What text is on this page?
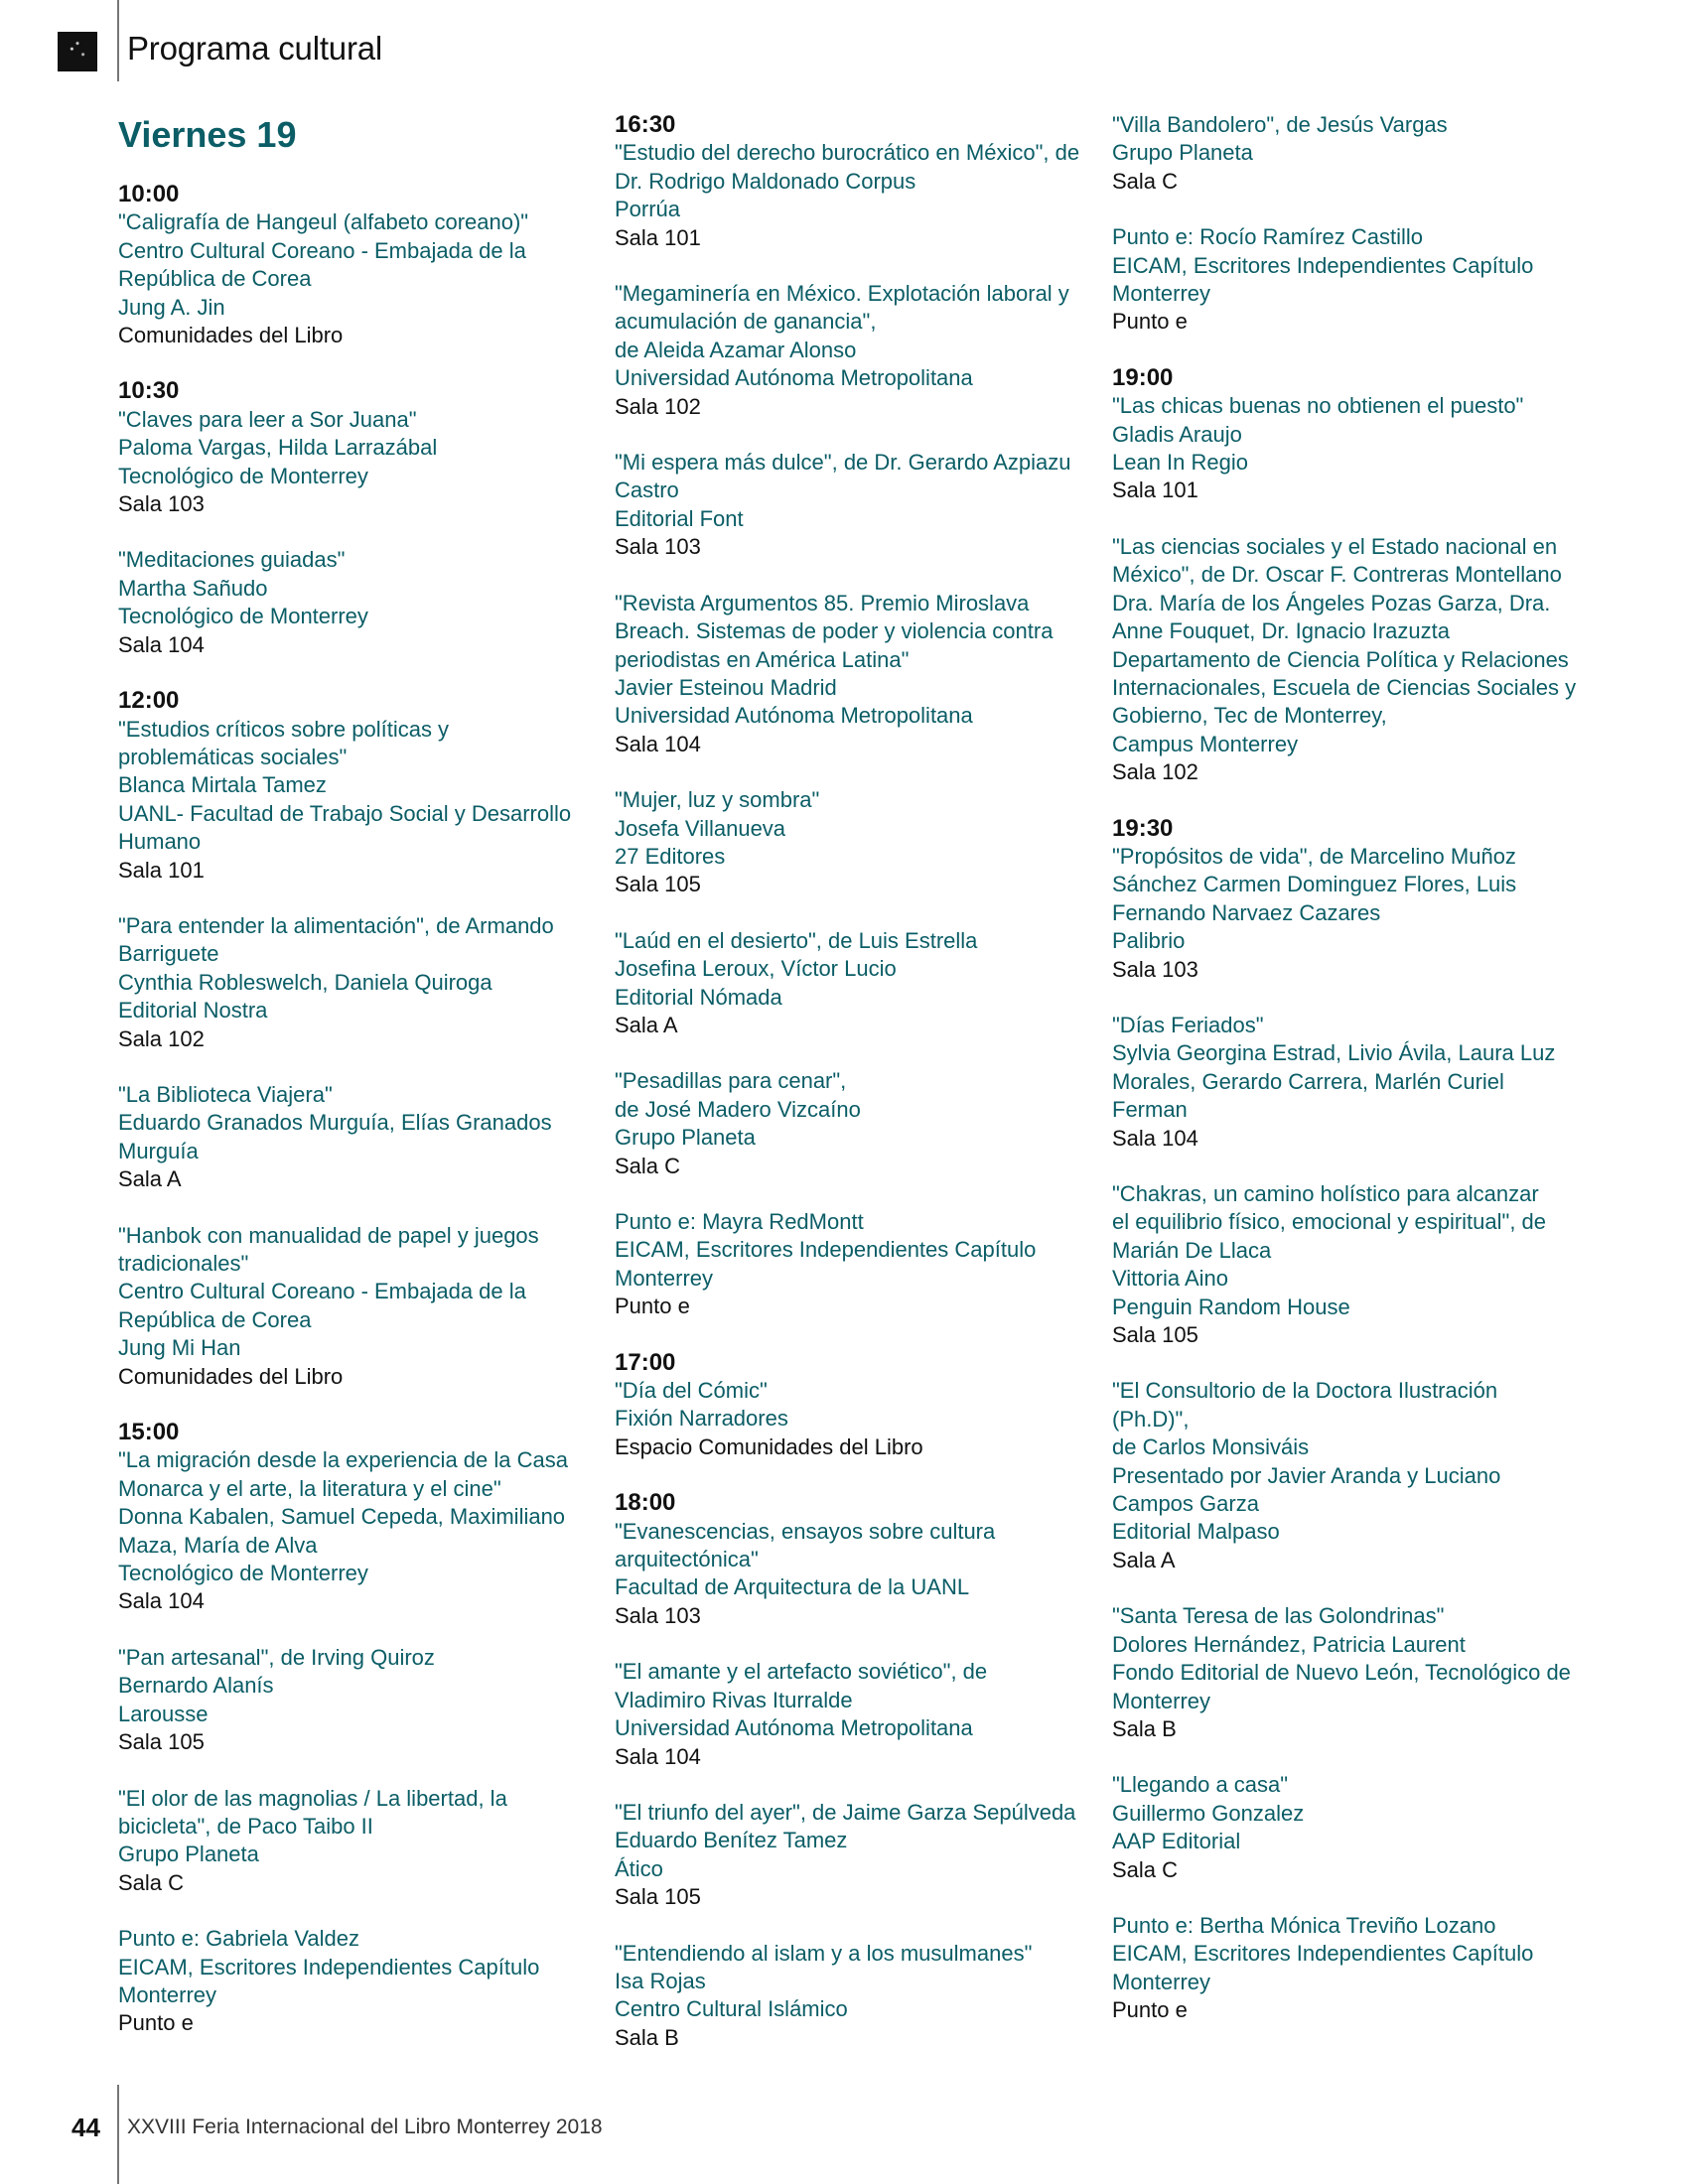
Programa cultural
Viernes 19
10:00
"Caligrafía de Hangeul (alfabeto coreano)"
Centro Cultural Coreano - Embajada de la
República de Corea
Jung A. Jin
Comunidades del Libro
10:30
"Claves para leer a Sor Juana"
Paloma Vargas, Hilda Larrazábal
Tecnológico de Monterrey
Sala 103
"Meditaciones guiadas"
Martha Sañudo
Tecnológico de Monterrey
Sala 104
12:00
"Estudios críticos sobre políticas y
problemáticas sociales"
Blanca Mirtala Tamez
UANL- Facultad de Trabajo Social y Desarrollo
Humano
Sala 101
"Para entender la alimentación", de Armando
Barriguete
Cynthia Robleswelch, Daniela Quiroga
Editorial Nostra
Sala 102
"La Biblioteca Viajera"
Eduardo Granados Murguía, Elías Granados
Murguía
Sala A
"Hanbok con manualidad de papel y juegos
tradicionales"
Centro Cultural Coreano - Embajada de la
República de Corea
Jung Mi Han
Comunidades del Libro
15:00
"La migración desde la experiencia de la Casa
Monarca y el arte, la literatura y el cine"
Donna Kabalen, Samuel Cepeda, Maximiliano
Maza, María de Alva
Tecnológico de Monterrey
Sala 104
"Pan artesanal", de Irving Quiroz
Bernardo Alanís
Larousse
Sala 105
"El olor de las magnolias / La libertad, la
bicicleta", de Paco Taibo II
Grupo Planeta
Sala C
Punto e: Gabriela Valdez
EICAM, Escritores Independientes Capítulo
Monterrey
Punto e
16:30
"Estudio del derecho burocrático en México", de
Dr. Rodrigo Maldonado Corpus
Porrúa
Sala 101
"Megaminería en México. Explotación laboral y
acumulación de ganancia",
de Aleida Azamar Alonso
Universidad Autónoma Metropolitana
Sala 102
"Mi espera más dulce", de Dr. Gerardo Azpiazu
Castro
Editorial Font
Sala 103
"Revista Argumentos 85. Premio Miroslava
Breach. Sistemas de poder y violencia contra
periodistas en América Latina"
Javier Esteinou Madrid
Universidad Autónoma Metropolitana
Sala 104
"Mujer, luz y sombra"
Josefa Villanueva
27 Editores
Sala 105
"Laúd en el desierto", de Luis Estrella
Josefina Leroux, Víctor Lucio
Editorial Nómada
Sala A
"Pesadillas para cenar",
de José Madero Vizcaíno
Grupo Planeta
Sala C
Punto e: Mayra RedMontt
EICAM, Escritores Independientes Capítulo
Monterrey
Punto e
17:00
"Día del Cómic"
Fixión Narradores
Espacio Comunidades del Libro
18:00
"Evanescencias, ensayos sobre cultura
arquitectónica"
Facultad de Arquitectura de la UANL
Sala 103
"El amante y el artefacto soviético", de
Vladimiro Rivas Iturralde
Universidad Autónoma Metropolitana
Sala 104
"El triunfo del ayer", de Jaime Garza Sepúlveda
Eduardo Benítez Tamez
Ático
Sala 105
"Entendiendo al islam y a los musulmanes"
Isa Rojas
Centro Cultural Islámico
Sala B
"Villa Bandolero", de Jesús Vargas
Grupo Planeta
Sala C
Punto e: Rocío Ramírez Castillo
EICAM, Escritores Independientes Capítulo
Monterrey
Punto e
19:00
"Las chicas buenas no obtienen el puesto"
Gladis Araujo
Lean In Regio
Sala 101
"Las ciencias sociales y el Estado nacional en
México", de Dr. Oscar F. Contreras Montellano
Dra. María de los Ángeles Pozas Garza, Dra.
Anne Fouquet, Dr. Ignacio Irazuzta
Departamento de Ciencia Política y Relaciones
Internacionales, Escuela de Ciencias Sociales y
Gobierno, Tec de Monterrey,
Campus Monterrey
Sala 102
19:30
"Propósitos de vida", de Marcelino Muñoz
Sánchez Carmen Dominguez Flores, Luis
Fernando Narvaez Cazares
Palibrio
Sala 103
"Días Feriados"
Sylvia Georgina Estrad, Livio Ávila, Laura Luz
Morales, Gerardo Carrera, Marlén Curiel Ferman
Sala 104
"Chakras, un camino holístico para alcanzar
el equilibrio físico, emocional y espiritual", de
Marián De Llaca
Vittoria Aino
Penguin Random House
Sala 105
"El Consultorio de la Doctora Ilustración (Ph.D)",
de Carlos Monsiváis
Presentado por Javier Aranda y Luciano
Campos Garza
Editorial Malpaso
Sala A
"Santa Teresa de las Golondrinas"
Dolores Hernández, Patricia Laurent
Fondo Editorial de Nuevo León, Tecnológico de
Monterrey
Sala B
"Llegando a casa"
Guillermo Gonzalez
AAP Editorial
Sala C
Punto e: Bertha Mónica Treviño Lozano
EICAM, Escritores Independientes Capítulo
Monterrey
Punto e
44 XXVIII Feria Internacional del Libro Monterrey 2018
